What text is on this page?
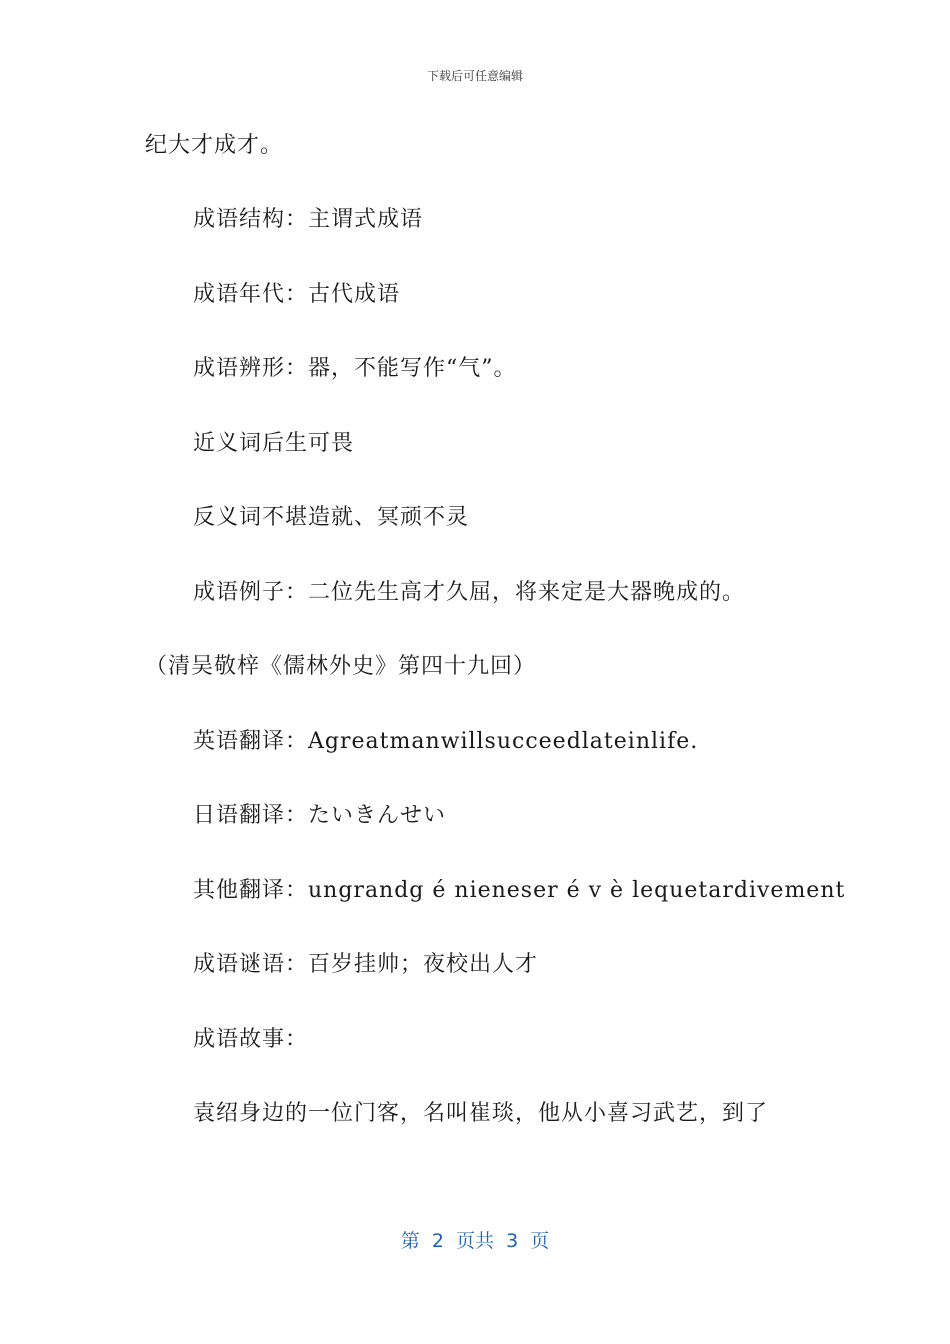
下载后可任意编辑
纪大才成才。
成语结构：主谓式成语
成语年代：古代成语
成语辨形：器，不能写作“气”。
近义词后生可畏
反义词不堪造就、冥顽不灵
成语例子：二位先生高才久屈，将来定是大器晚成的。
（清吴敬梓《儒林外史》第四十九回）
英语翻译：Agreatmanwillsucceedlateinlife.
日语翻译：たいきんせい
其他翻译：ungrandg é nieneser é v è lequetardivement
成语谜语：百岁挂帅；夜校出人才
成语故事：
袁绍身边的一位门客，名叫崔琰，他从小喜习武艺，到了
第  2  页共  3  页
